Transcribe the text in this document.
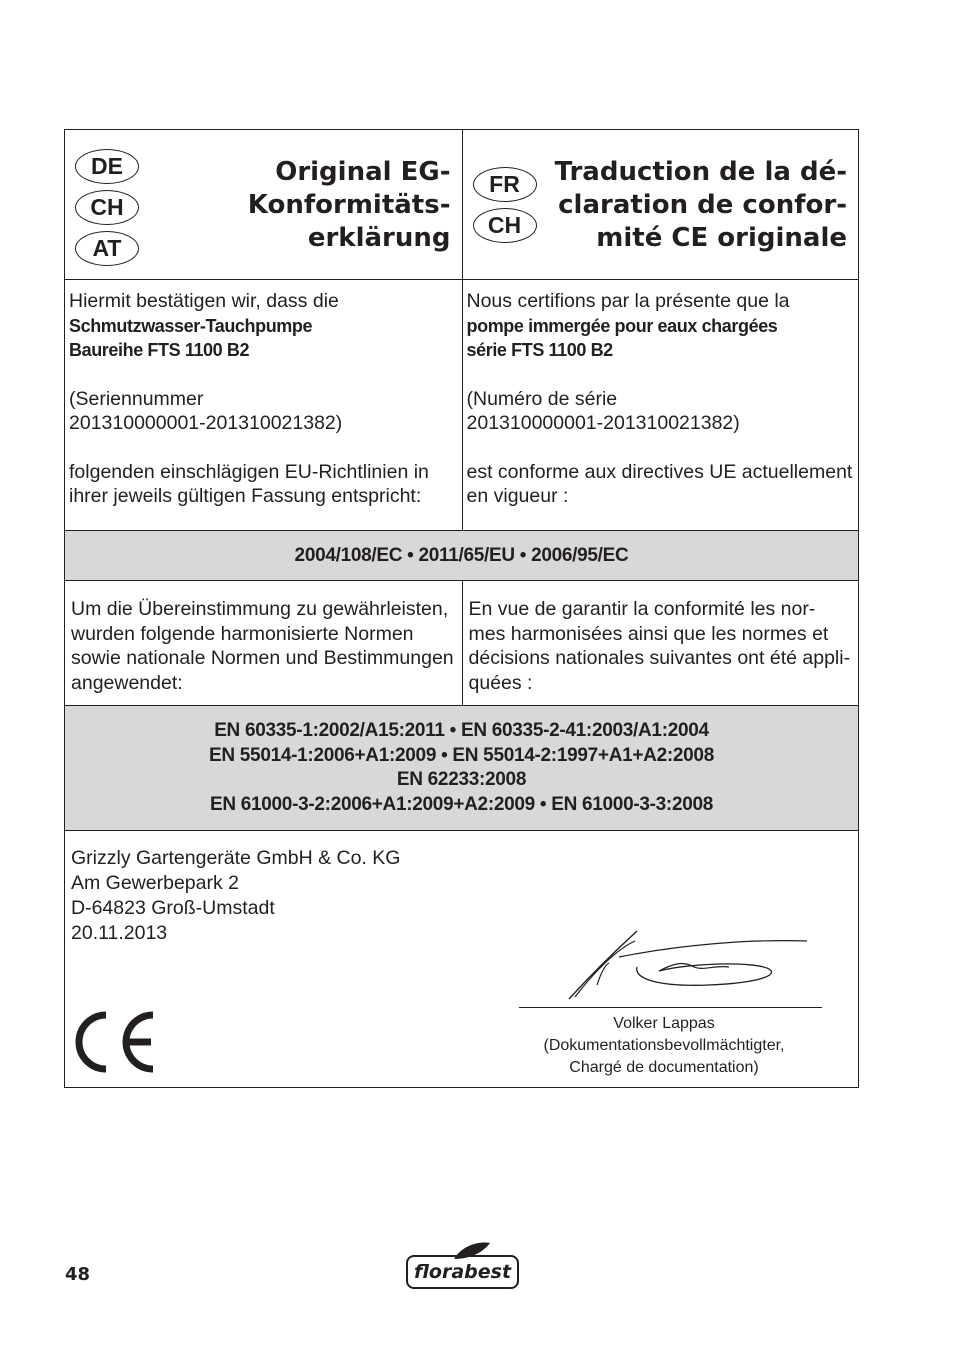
DE
CH
AT
Original EG-
Konformitäts-
erklärung
FR
CH
Traduction de la dé-
claration de confor-
mité CE originale

Hiermit bestätigen wir, dass die

Schmutzwasser-Tauchpumpe

Baureihe FTS 1100 B2

(Seriennummer

201310000001-201310021382)

folgenden einschlägigen EU-Richtlinien in

ihrer jeweils gültigen Fassung entspricht:

Nous certifions par la présente que la

pompe immergée pour eaux chargées

série FTS 1100 B2

(Numéro de série

201310000001-201310021382)

est conforme aux directives UE actuellement

en vigueur :

2004/108/EC • 2011/65/EU • 2006/95/EC

Um die Übereinstimmung zu gewährleisten,

wurden folgende harmonisierte Normen

sowie nationale Normen und Bestimmungen

angewendet:

En vue de garantir la conformité les nor-

mes harmonisées ainsi que les normes et

décisions nationales suivantes ont été appli-

quées :

EN 60335-1:2002/A15:2011 • EN 60335-2-41:2003/A1:2004
EN 55014-1:2006+A1:2009 • EN 55014-2:1997+A1+A2:2008
EN 62233:2008
EN 61000-3-2:2006+A1:2009+A2:2009 • EN 61000-3-3:2008

Grizzly Gartengeräte GmbH & Co. KG

Am Gewerbepark 2

D-64823 Groß-Umstadt

20.11.2013

Volker Lappas

(Dokumentationsbevollmächtigter,

Chargé de documentation)

48	florabest
